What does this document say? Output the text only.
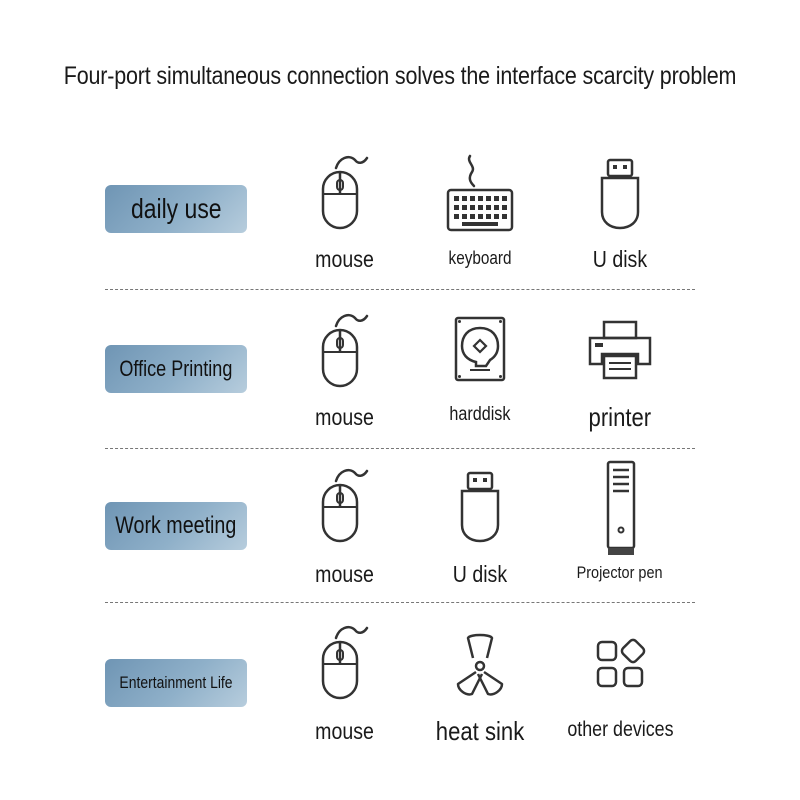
Four-port simultaneous connection solves the interface scarcity problem
daily use
mouse	keyboard	U disk
Office Printing
mouse	harddisk	printer
Work meeting
mouse	U disk	Projector pen
Entertainment Life
mouse	heat sink	other devices
